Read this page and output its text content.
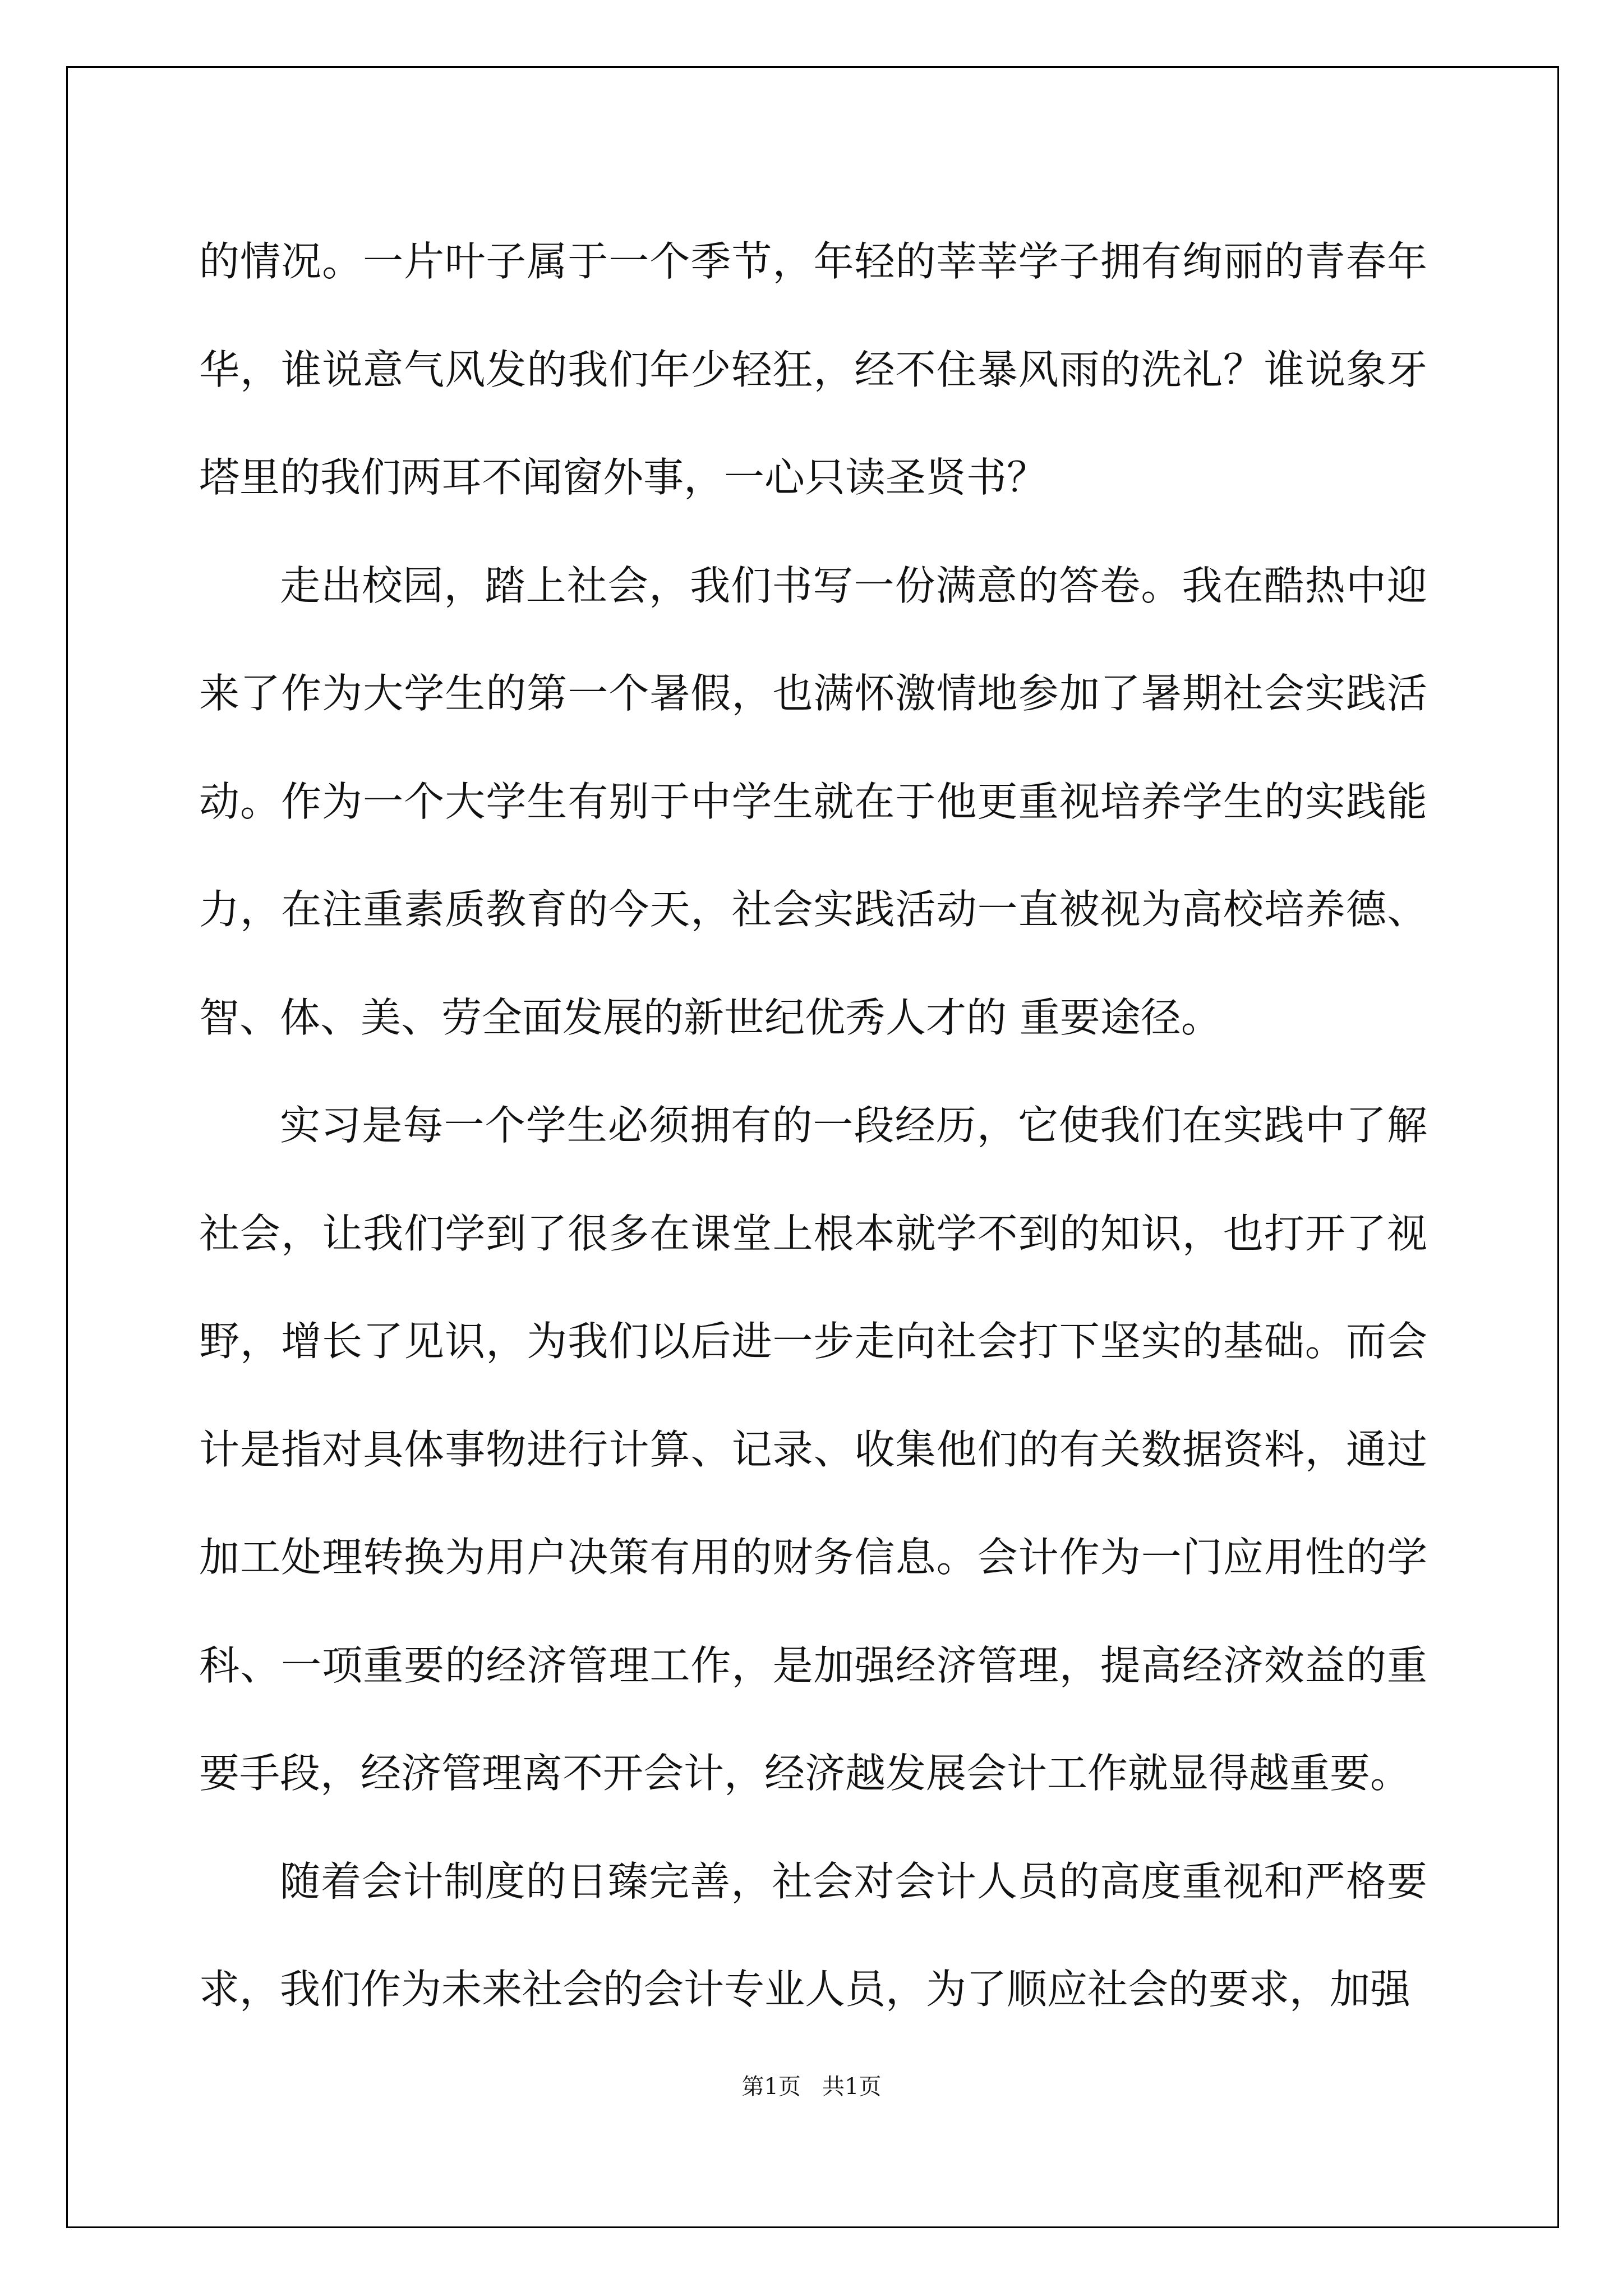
的情况。一片叶子属于一个季节，年轻的莘莘学子拥有绚丽的青春年华，谁说意气风发的我们年少轻狂，经不住暴风雨的洗礼？谁说象牙塔里的我们两耳不闻窗外事，一心只读圣贤书？

走出校园，踏上社会，我们书写一份满意的答卷。我在酷热中迎来了作为大学生的第一个暑假，也满怀激情地参加了暑期社会实践活动。作为一个大学生有别于中学生就在于他更重视培养学生的实践能力，在注重素质教育的今天，社会实践活动一直被视为高校培养德、智、体、美、劳全面发展的新世纪优秀人才的 重要途径。

实习是每一个学生必须拥有的一段经历，它使我们在实践中了解社会，让我们学到了很多在课堂上根本就学不到的知识，也打开了视野，增长了见识，为我们以后进一步走向社会打下坚实的基础。而会计是指对具体事物进行计算、记录、收集他们的有关数据资料，通过加工处理转换为用户决策有用的财务信息。会计作为一门应用性的学科、一项重要的经济管理工作，是加强经济管理，提高经济效益的重要手段，经济管理离不开会计，经济越发展会计工作就显得越重要。

随着会计制度的日臻完善，社会对会计人员的高度重视和严格要求，我们作为未来社会的会计专业人员，为了顺应社会的要求，加强

第1页   共1页
